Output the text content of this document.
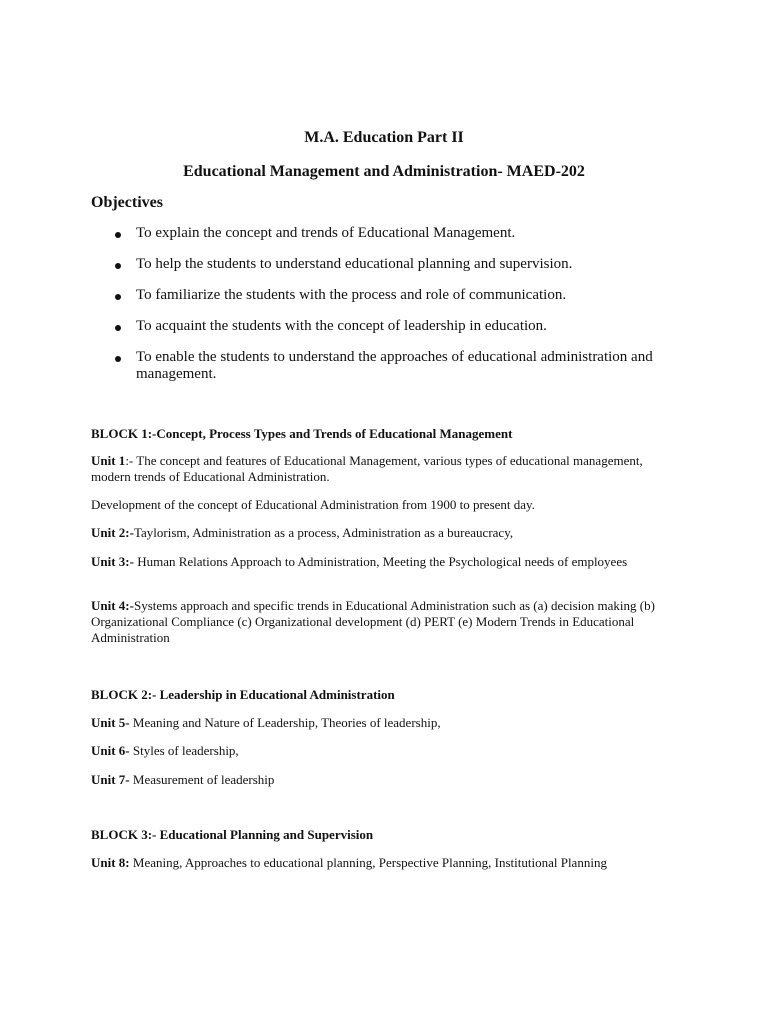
M.A. Education Part II
Educational Management and Administration- MAED-202
Objectives
To explain the concept and trends of Educational Management.
To help the students to understand educational planning and supervision.
To familiarize the students with the process and role of communication.
To acquaint the students with the concept of leadership in education.
To enable the students to understand the approaches of educational administration and management.
BLOCK 1:-Concept, Process Types and Trends of Educational Management
Unit 1:- The concept and features of Educational Management, various types of educational management, modern trends of Educational Administration.
Development of the concept of Educational Administration from 1900 to present day.
Unit 2:-Taylorism, Administration as a process, Administration as a bureaucracy,
Unit 3:- Human Relations Approach to Administration, Meeting the Psychological needs of employees
Unit 4:-Systems approach and specific trends in Educational Administration such as (a) decision making (b) Organizational Compliance (c) Organizational development (d) PERT (e) Modern Trends in Educational Administration
BLOCK 2:- Leadership in Educational Administration
Unit 5- Meaning and Nature of Leadership, Theories of leadership,
Unit 6- Styles of leadership,
Unit 7- Measurement of leadership
BLOCK 3:- Educational Planning and Supervision
Unit 8: Meaning, Approaches to educational planning, Perspective Planning, Institutional Planning
